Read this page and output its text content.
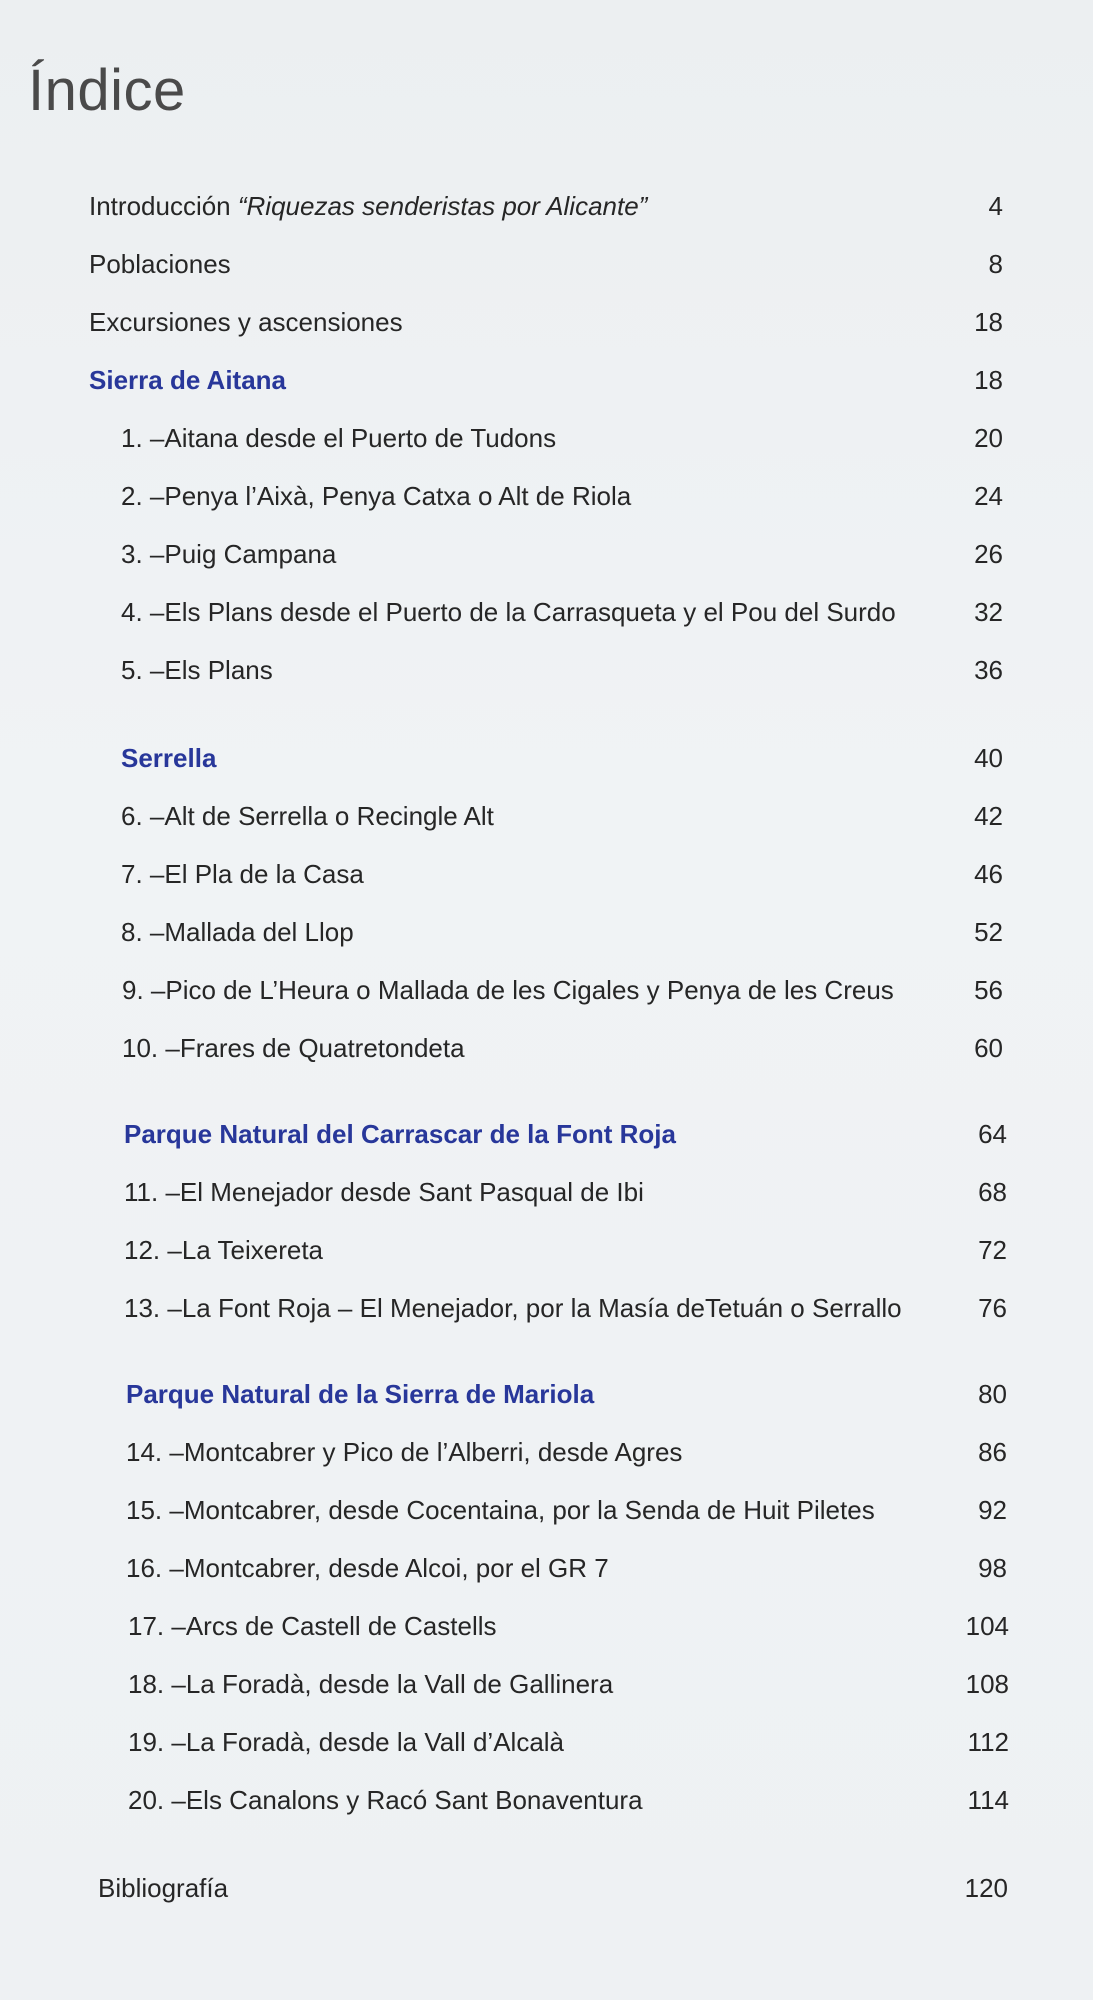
Índice
Introducción “Riquezas senderistas por Alicante”	4
Poblaciones	8
Excursiones y ascensiones	18
Sierra de Aitana	18
1. –Aitana desde el Puerto de Tudons	20
2. –Penya l’Aixà, Penya Catxa o Alt de Riola	24
3. –Puig Campana	26
4. –Els Plans desde el Puerto de la Carrasqueta y el Pou del Surdo	32
5. –Els Plans	36
Serrella	40
6. –Alt de Serrella o Recingle Alt	42
7. –El Pla de la Casa	46
8. –Mallada del Llop	52
9. –Pico de L’Heura o Mallada de les Cigales y Penya de les Creus	56
10. –Frares de Quatretondeta	60
Parque Natural del Carrascar de la Font Roja	64
11. –El Menejador desde Sant Pasqual de Ibi	68
12. –La Teixereta	72
13. –La Font Roja – El Menejador, por la Masía deTetuán o Serrallo	76
Parque Natural de la Sierra de Mariola	80
14. –Montcabrer y Pico de l’Alberri, desde Agres	86
15. –Montcabrer, desde Cocentaina, por la Senda de Huit Piletes	92
16. –Montcabrer, desde Alcoi, por el GR 7	98
17. –Arcs de Castell de Castells	104
18. –La Foradà, desde la Vall de Gallinera	108
19. –La Foradà, desde la Vall d’Alcalà	112
20. –Els Canalons y Racó Sant Bonaventura	114
Bibliografía	120
